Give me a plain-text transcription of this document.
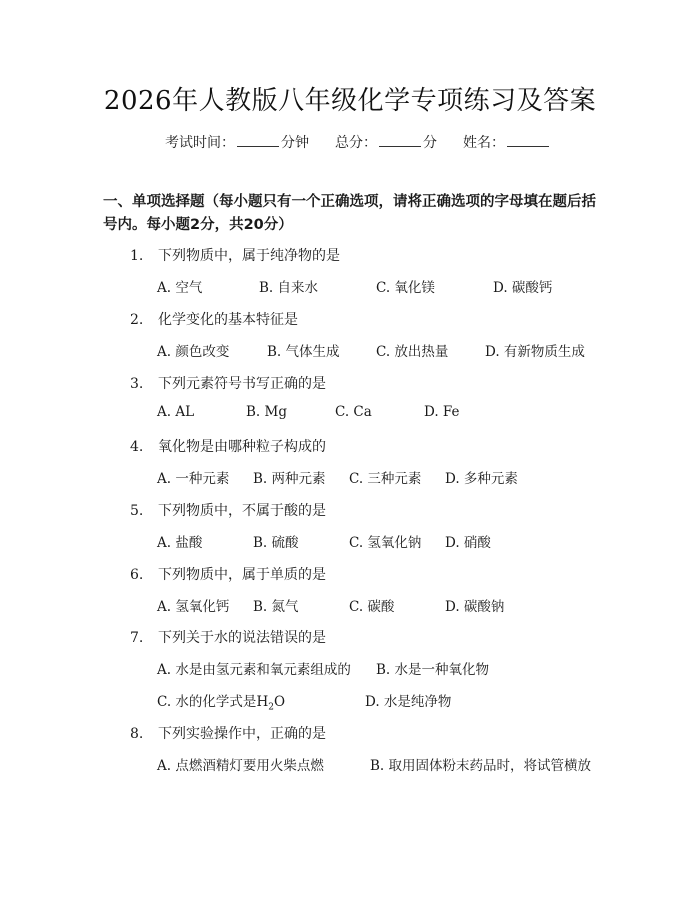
2026年人教版八年级化学专项练习及答案
考试时间：	分钟 总分：	分 姓名：
一、单项选择题（每小题只有一个正确选项，请将正确选项的字母填在题后括号内。每小题2分，共20分）
1. 下列物质中，属于纯净物的是
A. 空气	B. 自来水	C. 氧化镁	D. 碳酸钙
2. 化学变化的基本特征是
A. 颜色改变	B. 气体生成	C. 放出热量	D. 有新物质生成
3. 下列元素符号书写正确的是
A. AL	B. Mg	C. Ca	D. Fe
4. 氧化物是由哪种粒子构成的
A. 一种元素 B. 两种元素 C. 三种元素 D. 多种元素
5. 下列物质中，不属于酸的是
A. 盐酸	B. 硫酸	C. 氢氧化钠 D. 硝酸
6. 下列物质中，属于单质的是
A. 氢氧化钙 B. 氮气	C. 碳酸	D. 碳酸钠
7. 下列关于水的说法错误的是
A. 水是由氢元素和氧元素组成的 B. 水是一种氧化物
C. 水的化学式是$H_2O$	D. 水是纯净物
8. 下列实验操作中，正确的是
A. 点燃酒精灯要用火柴点燃	B. 取用固体粉末药品时，将试管横放
